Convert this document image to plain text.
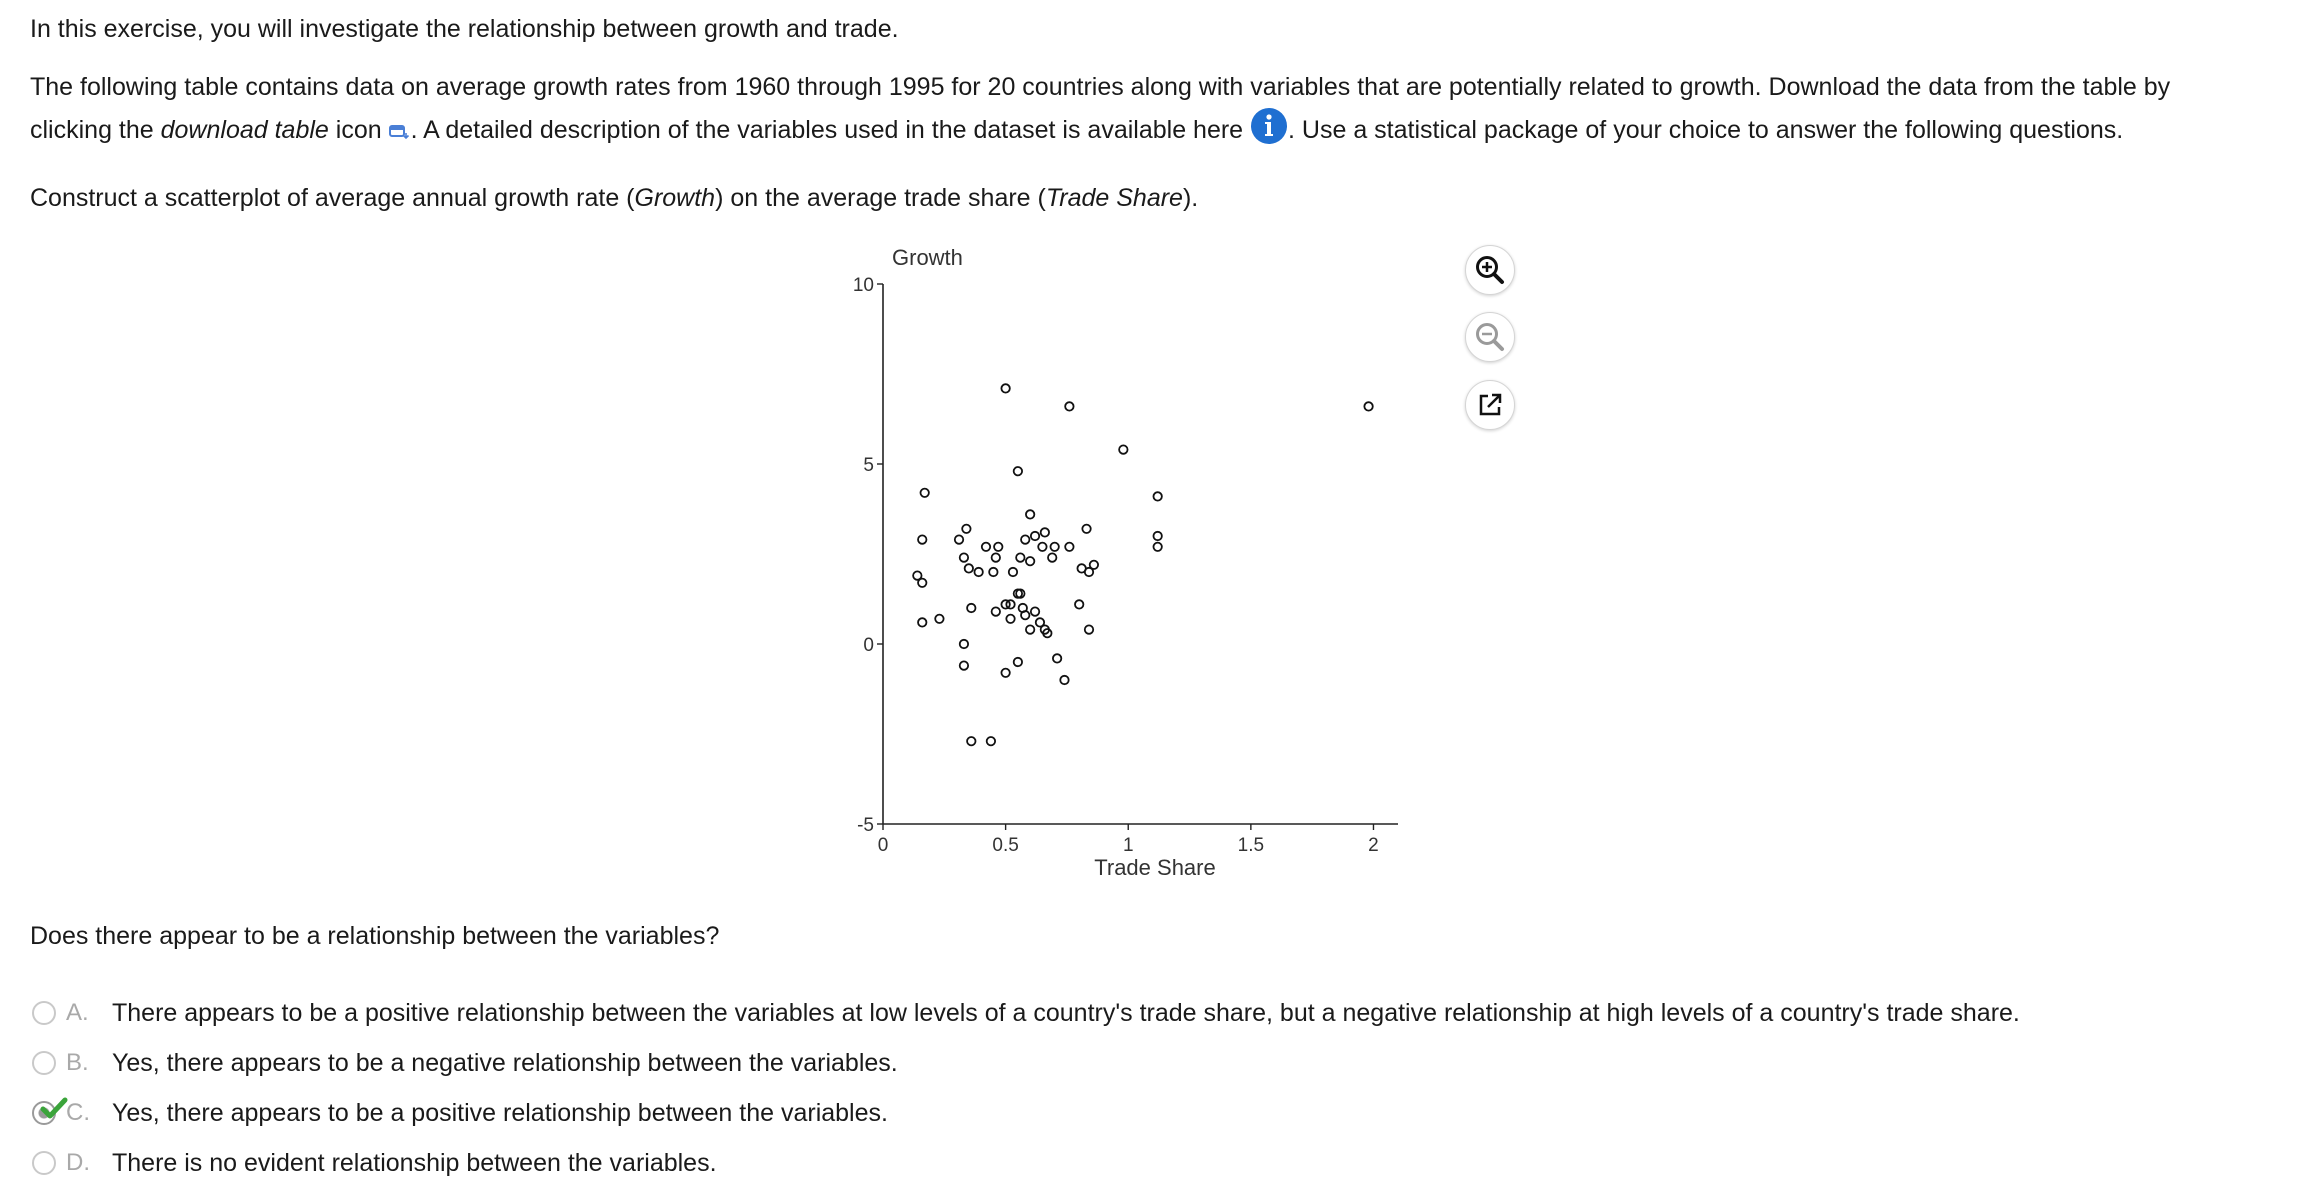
In this exercise, you will investigate the relationship between growth and trade.

The following table contains data on average growth rates from 1960 through 1995 for 20 countries along with variables that are potentially related to growth. Download the data from the table by

clicking the download table icon . A detailed description of the variables used in the dataset is available here . Use a statistical package of your choice to answer the following questions.

Construct a scatterplot of average annual growth rate (Growth) on the average trade share (Trade Share).

Growth
-5
0
5
10
0	0.5	1	1.5	2
Trade Share

Does there appear to be a relationship between the variables?

A. There appears to be a positive relationship between the variables at low levels of a country's trade share, but a negative relationship at high levels of a country's trade share.
B. Yes, there appears to be a negative relationship between the variables.
C. Yes, there appears to be a positive relationship between the variables.
D. There is no evident relationship between the variables.
